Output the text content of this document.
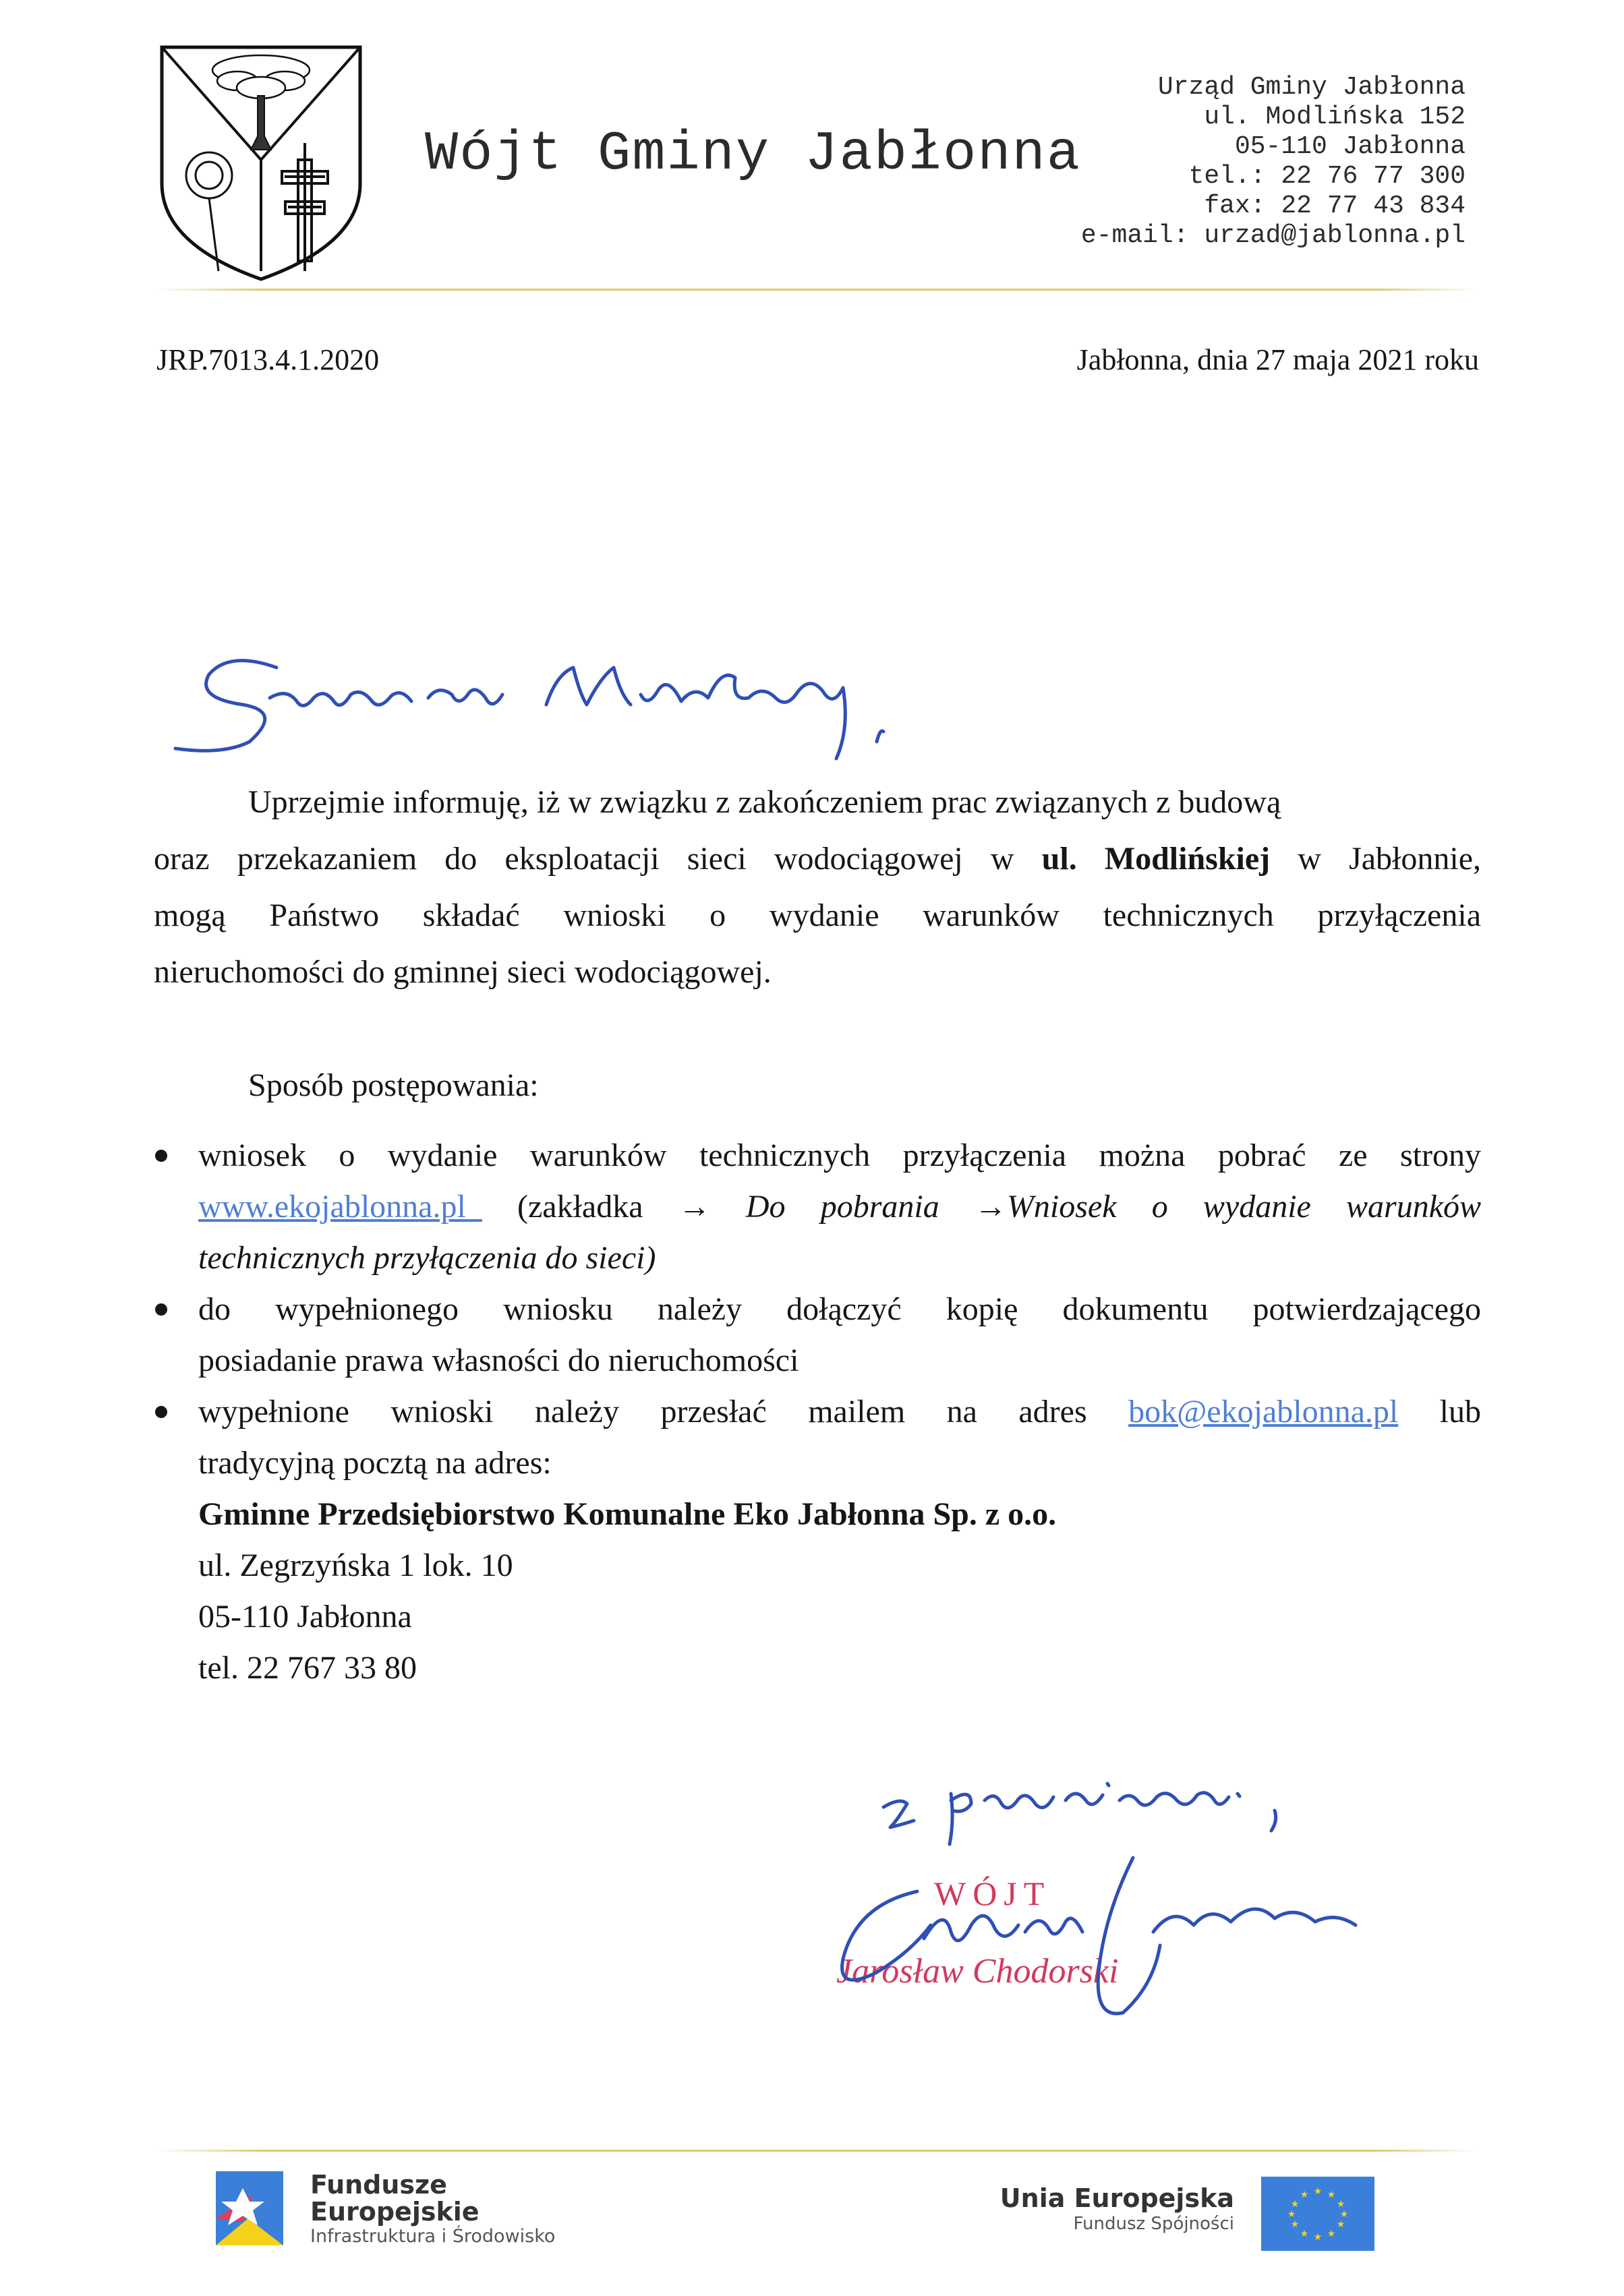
Wójt Gminy Jabłonna
Urząd Gminy Jabłonna
ul. Modlińska 152
05-110 Jabłonna
tel.: 22 76 77 300
fax: 22 77 43 834
e-mail: urzad@jablonna.pl
JRP.7013.4.1.2020	Jabłonna, dnia 27 maja 2021 roku
Uprzejmie informuję, iż w związku z zakończeniem prac związanych z budową
oraz przekazaniem do eksploatacji sieci wodociągowej w ul. Modlińskiej w Jabłonnie,
mogą Państwo składać wnioski o wydanie warunków technicznych przyłączenia
nieruchomości do gminnej sieci wodociągowej.
Sposób postępowania:
wniosek o wydanie warunków technicznych przyłączenia można pobrać ze strony
www.ekojablonna.pl_ (zakładka → Do pobrania →Wniosek o wydanie warunków
technicznych przyłączenia do sieci)
do wypełnionego wniosku należy dołączyć kopię dokumentu potwierdzającego
posiadanie prawa własności do nieruchomości
wypełnione wnioski należy przesłać mailem na adres bok@ekojablonna.pl lub
tradycyjną pocztą na adres:
Gminne Przedsiębiorstwo Komunalne Eko Jabłonna Sp. z o.o.
ul. Zegrzyńska 1 lok. 10
05-110 Jabłonna
tel. 22 767 33 80
WÓJT
Jarosław Chodorski
Fundusze
Europejskie
Infrastruktura i Środowisko
Unia Europejska
Fundusz Spójności
★ ★
★
★
★
★
★
★
★
★
★
★
